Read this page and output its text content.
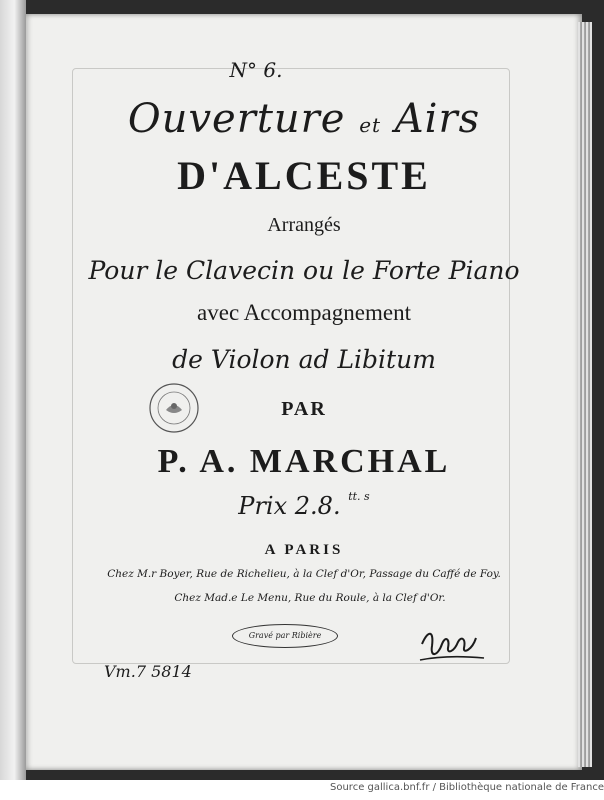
N° 6.
Ouverture et Airs
D'ALCESTE
Arrangés
Pour le Clavecin ou le Forte Piano
avec Accompagnement
de Violon ad Libitum
PAR
P. A. MARCHAL
Prix 2.8. $^{tt. s}$
A PARIS
Chez M.r Boyer, Rue de Richelieu, à la Clef d'Or, Passage du Caffé de Foy.
Chez Mad.e Le Menu, Rue du Roule, à la Clef d'Or.
Gravé par Ribière
Vm.7 5814
Source gallica.bnf.fr / Bibliothèque nationale de France
